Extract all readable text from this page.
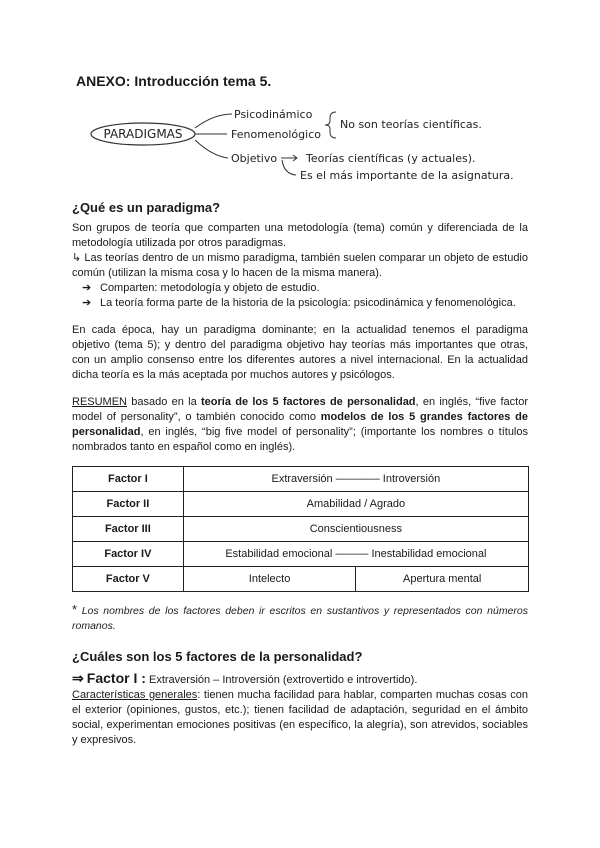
ANEXO: Introducción tema 5.
PARADIGMAS
Psicodinámico
Fenomenológico
Objetivo
No son teorías científicas.
Teorías científicas (y actuales).
Es el más importante de la asignatura.
¿Qué es un paradigma?

Son grupos de teoría que comparten una metodología (tema) común y diferenciada de la metodología utilizada por otros paradigmas.

↳ Las teorías dentro de un mismo paradigma, también suelen comparar un objeto de estudio común (utilizan la misma cosa y lo hacen de la misma manera).

➔ Comparten: metodología y objeto de estudio.
➔ La teoría forma parte de la historia de la psicología: psicodinámica y fenomenológica.

En cada época, hay un paradigma dominante; en la actualidad tenemos el paradigma objetivo (tema 5); y dentro del paradigma objetivo hay teorías más importantes que otras, con un amplio consenso entre los diferentes autores a nivel internacional. En la actualidad dicha teoría es la más aceptada por muchos autores y psicólogos.

RESUMEN basado en la teoría de los 5 factores de personalidad, en inglés, “five factor model of personality”, o también conocido como modelos de los 5 grandes factores de personalidad, en inglés, “big five model of personality”; (importante los nombres o títulos nombrados tanto en español como en inglés).

Factor I	Extraversión ———— Introversión	
Factor II	Amabilidad / Agrado	
Factor III	Conscientiousness	
Factor IV	Estabilidad emocional ——— Inestabilidad emocional	
Factor V	Intelecto	Apertura mental
* Los nombres de los factores deben ir escritos en sustantivos y representados con números romanos.
¿Cuáles son los 5 factores de la personalidad?
⇒ Factor I : Extraversión – Introversión (extrovertido e introvertido).

Características generales: tienen mucha facilidad para hablar, comparten muchas cosas con el exterior (opiniones, gustos, etc.); tienen facilidad de adaptación, seguridad en el ámbito social, experimentan emociones positivas (en específico, la alegría), son atrevidos, sociables y expresivos.
